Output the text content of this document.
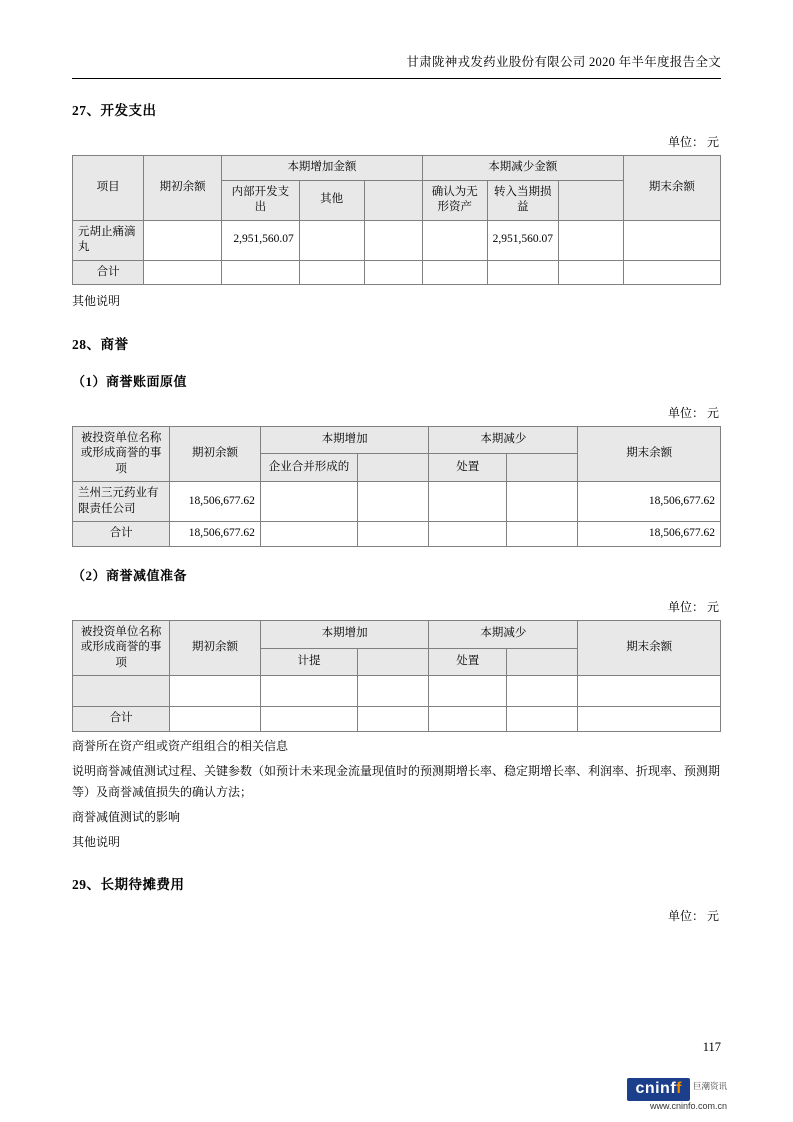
甘肃陇神戎发药业股份有限公司 2020 年半年度报告全文
27、开发支出
单位： 元
项目	期初余额	本期增加金额			本期减少金额			期末余额
		内部开发支出	其他		确认为无形资产	转入当期损益		
元胡止痛滴丸		2,951,560.07				2,951,560.07		
合计								
其他说明
28、商誉
（1）商誉账面原值
单位： 元
被投资单位名称或形成商誉的事项	期初余额	本期增加		本期减少		期末余额
		企业合并形成的		处置		
兰州三元药业有限责任公司	18,506,677.62					18,506,677.62
合计	18,506,677.62					18,506,677.62
（2）商誉减值准备
单位： 元
被投资单位名称或形成商誉的事项	期初余额	本期增加		本期减少		期末余额
		计提		处置		

合计						
商誉所在资产组或资产组组合的相关信息
说明商誉减值测试过程、关键参数（如预计未来现金流量现值时的预测期增长率、稳定期增长率、利润率、折现率、预测期等）及商誉减值损失的确认方法；
商誉减值测试的影响
其他说明
29、长期待摊费用
单位： 元
117
cninff 巨潮资讯
www.cninfo.com.cn
